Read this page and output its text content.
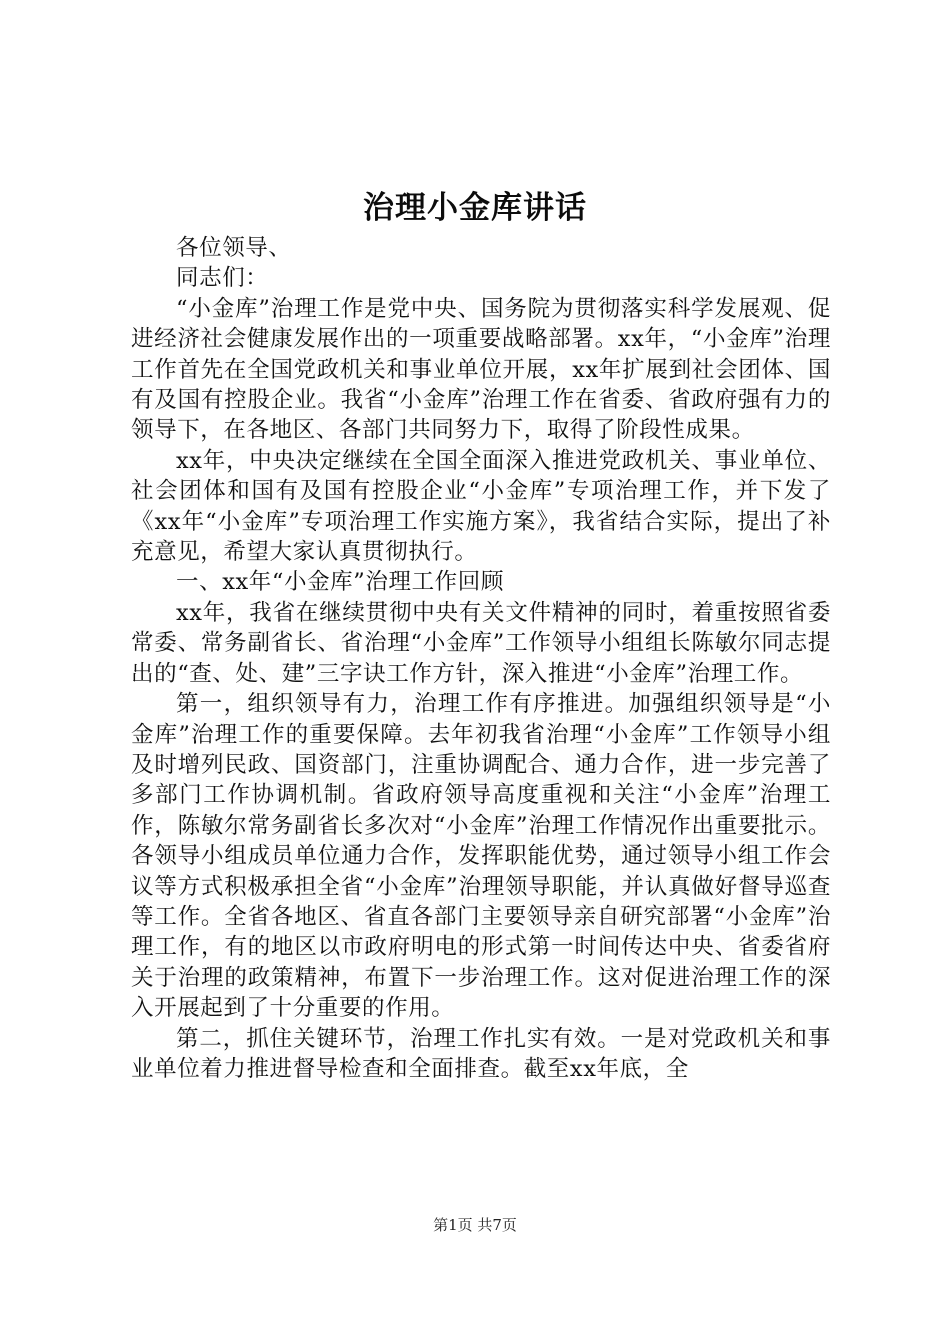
治理小金库讲话

各位领导、

同志们：

“小金库”治理工作是党中央、国务院为贯彻落实科学发展观、促进经济社会健康发展作出的一项重要战略部署。xx年，“小金库”治理工作首先在全国党政机关和事业单位开展，xx年扩展到社会团体、国有及国有控股企业。我省“小金库”治理工作在省委、省政府强有力的领导下，在各地区、各部门共同努力下，取得了阶段性成果。

xx年，中央决定继续在全国全面深入推进党政机关、事业单位、社会团体和国有及国有控股企业“小金库”专项治理工作，并下发了《xx年“小金库”专项治理工作实施方案》，我省结合实际，提出了补充意见，希望大家认真贯彻执行。

一、xx年“小金库”治理工作回顾

xx年，我省在继续贯彻中央有关文件精神的同时，着重按照省委常委、常务副省长、省治理“小金库”工作领导小组组长陈敏尔同志提出的“查、处、建”三字诀工作方针，深入推进“小金库”治理工作。

第一，组织领导有力，治理工作有序推进。加强组织领导是“小金库”治理工作的重要保障。去年初我省治理“小金库”工作领导小组及时增列民政、国资部门，注重协调配合、通力合作，进一步完善了多部门工作协调机制。省政府领导高度重视和关注“小金库”治理工作，陈敏尔常务副省长多次对“小金库”治理工作情况作出重要批示。各领导小组成员单位通力合作，发挥职能优势，通过领导小组工作会议等方式积极承担全省“小金库”治理领导职能，并认真做好督导巡查等工作。全省各地区、省直各部门主要领导亲自研究部署“小金库”治理工作，有的地区以市政府明电的形式第一时间传达中央、省委省府关于治理的政策精神，布置下一步治理工作。这对促进治理工作的深入开展起到了十分重要的作用。

第二，抓住关键环节，治理工作扎实有效。一是对党政机关和事业单位着力推进督导检查和全面排查。截至xx年底，全

第1页 共7页
